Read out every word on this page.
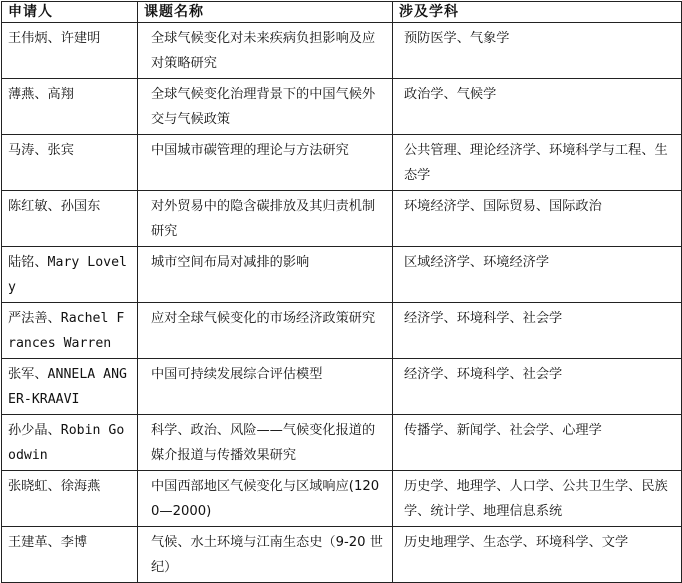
申请人	课题名称	涉及学科
王伟炳、许建明	全球气候变化对未来疾病负担影响及应对策略研究	预防医学、气象学
薄燕、高翔	全球气候变化治理背景下的中国气候外交与气候政策	政治学、气候学
马涛、张宾	中国城市碳管理的理论与方法研究	公共管理、理论经济学、环境科学与工程、生态学
陈红敏、孙国东	对外贸易中的隐含碳排放及其归责机制研究	环境经济学、国际贸易、国际政治
陆铭、Mary Lovely	城市空间布局对减排的影响	区域经济学、环境经济学
严法善、Rachel Frances Warren	应对全球气候变化的市场经济政策研究	经济学、环境科学、社会学
张军、ANNELA ANGER-KRAAVI	中国可持续发展综合评估模型	经济学、环境科学、社会学
孙少晶、Robin Goodwin	科学、政治、风险——气候变化报道的媒介报道与传播效果研究	传播学、新闻学、社会学、心理学
张晓虹、徐海燕	中国西部地区气候变化与区域响应(1200—2000)	历史学、地理学、人口学、公共卫生学、民族学、统计学、地理信息系统
王建革、李博	气候、水土环境与江南生态史（9-20 世纪）	历史地理学、生态学、环境科学、文学
